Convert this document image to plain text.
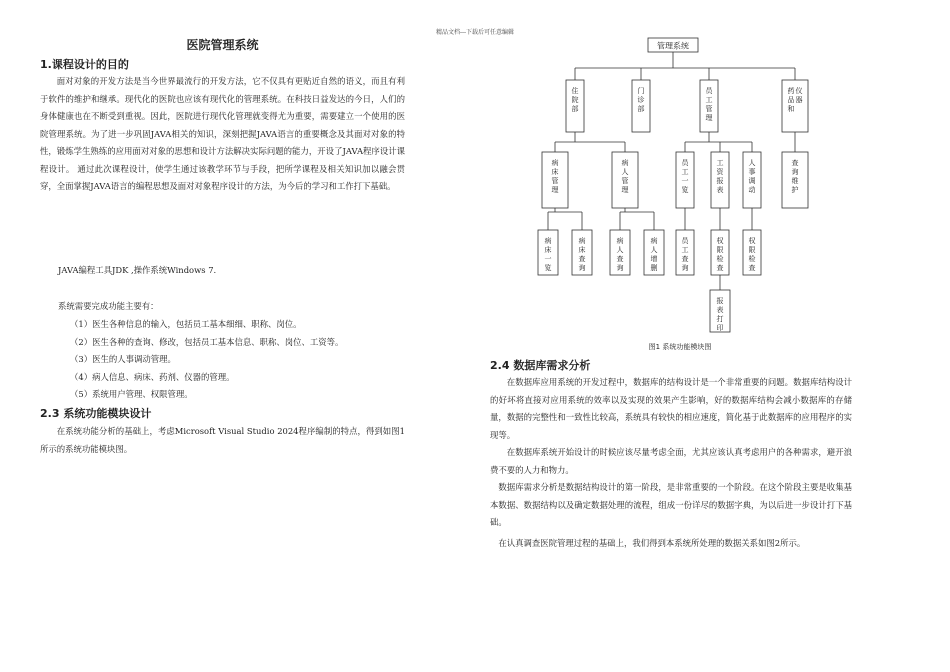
精品文档---下载后可任意编辑
医院管理系统
1.课程设计的目的
面对对象的开发方法是当今世界最流行的开发方法，它不仅具有更贴近自然的语义，而且有利于软件的维护和继承。现代化的医院也应该有现代化的管理系统。在科技日益发达的今日，人们的身体健康也在不断受到重视。因此，医院进行现代化管理就变得尤为重要，需要建立一个使用的医院管理系统。为了进一步巩固JAVA相关的知识，深刻把握JAVA语言的重要概念及其面对对象的特性，锻炼学生熟练的应用面对对象的思想和设计方法解决实际问题的能力，开设了JAVA程序设计课程设计。 通过此次课程设计，使学生通过该教学环节与手段，把所学课程及相关知识加以融会贯穿，全面掌握JAVA语言的编程思想及面对对象程序设计的方法，为今后的学习和工作打下基础。
JAVA编程工具JDK ,操作系统Windows 7.
系统需要完成功能主要有：
（1）医生各种信息的输入，包括员工基本细细、职称、岗位。
（2）医生各种的查询、修改，包括员工基本信息、职称、岗位、工资等。
（3）医生的人事调动管理。
（4）病人信息、病床、药剂、仪器的管理。
（5）系统用户管理、权限管理。
2.3 系统功能模块设计
在系统功能分析的基础上，考虑Microsoft Visual Studio 2024程序编制的特点，得到如图1所示的系统功能模块图。
管理系统
住院部
门诊部
员工管理
药品和仪器
病床管理
病人管理
员工一览
工资报表
人事调动
查询维护
病床一览
病床查询
病人查询
病人增删
员工查询
权限检查
权限检查
报表打印
图1 系统功能模块图
2.4 数据库需求分析
在数据库应用系统的开发过程中，数据库的结构设计是一个非常重要的问题。数据库结构设计的好坏将直接对应用系统的效率以及实现的效果产生影响，好的数据库结构会减小数据库的存储量，数据的完整性和一致性比较高，系统具有较快的相应速度，简化基于此数据库的应用程序的实现等。
在数据库系统开始设计的时候应该尽量考虑全面，尤其应该认真考虑用户的各种需求，避开浪费不要的人力和物力。
数据库需求分析是数据结构设计的第一阶段，是非常重要的一个阶段。在这个阶段主要是收集基本数据、数据结构以及确定数据处理的流程，组成一份详尽的数据字典，为以后进一步设计打下基础。
在认真调查医院管理过程的基础上，我们得到本系统所处理的数据关系如图2所示。
